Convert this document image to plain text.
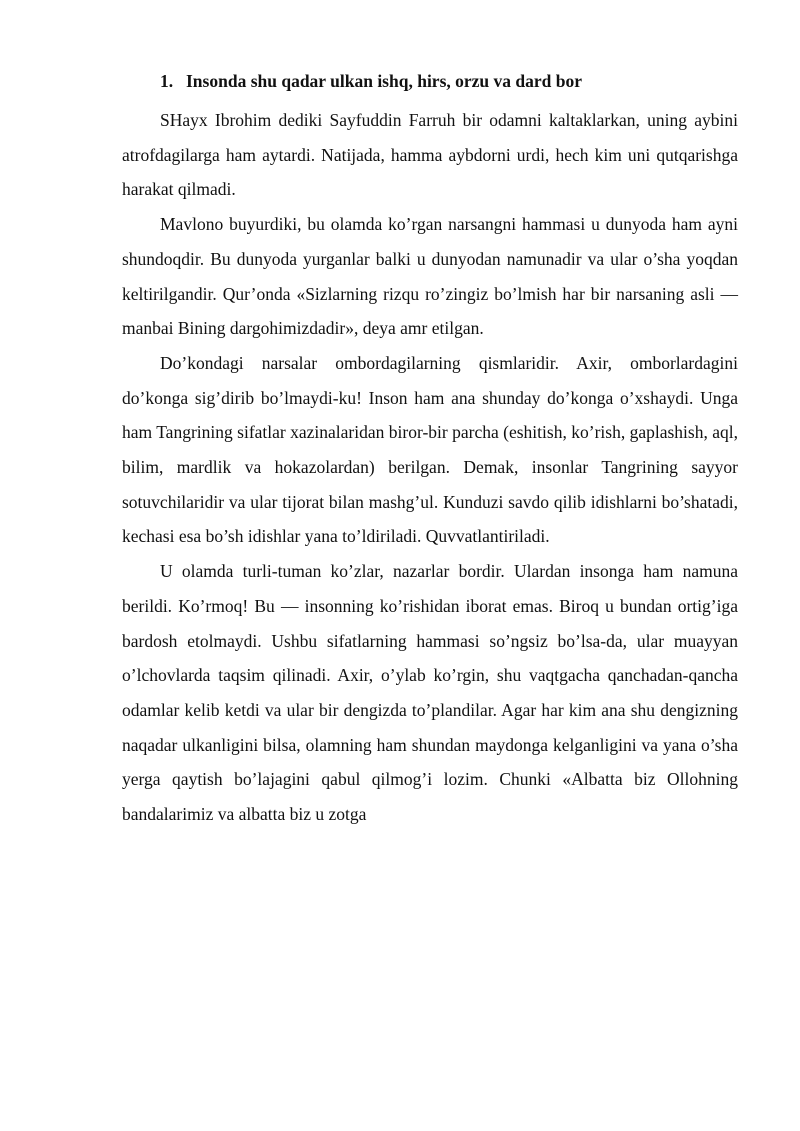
1. Insonda shu qadar ulkan ishq, hirs, orzu va dard bor

SHayx Ibrohim dediki Sayfuddin Farruh bir odamni kaltaklarkan, uning aybini atrofdagilarga ham aytardi. Natijada, hamma aybdorni urdi, hech kim uni qutqarishga harakat qilmadi.

Mavlono buyurdiki, bu olamda ko’rgan narsangni hammasi u dunyoda ham ayni shundoqdir. Bu dunyoda yurganlar balki u dunyodan namunadir va ular o’sha yoqdan keltirilgandir. Qur’onda «Sizlarning rizqu ro’zingiz bo’lmish har bir narsaning asli — manbai Bining dargohimizdadir», deya amr etilgan.

Do’kondagi narsalar ombordagilarning qismlaridir. Axir, omborlardagini do’konga sig’dirib bo’lmaydi-ku! Inson ham ana shunday do’konga o’xshaydi. Unga ham Tangrining sifatlar xazinalaridan biror-bir parcha (eshitish, ko’rish, gaplashish, aql, bilim, mardlik va hokazolardan) berilgan. Demak, insonlar Tangrining sayyor sotuvchilaridir va ular tijorat bilan mashg’ul. Kunduzi savdo qilib idishlarni bo’shatadi, kechasi esa bo’sh idishlar yana to’ldiriladi. Quvvatlantiriladi.

U olamda turli-tuman ko’zlar, nazarlar bordir. Ulardan insonga ham namuna berildi. Ko’rmoq! Bu — insonning ko’rishidan iborat emas. Biroq u bundan ortig’iga bardosh etolmaydi. Ushbu sifatlarning hammasi so’ngsiz bo’lsa-da, ular muayyan o’lchovlarda taqsim qilinadi. Axir, o’ylab ko’rgin, shu vaqtgacha qanchadan-qancha odamlar kelib ketdi va ular bir dengizda to’plandilar. Agar har kim ana shu dengizning naqadar ulkanligini bilsa, olamning ham shundan maydonga kelganligini va yana o’sha yerga qaytish bo’lajagini qabul qilmog’i lozim. Chunki «Albatta biz Ollohning bandalarimiz va albatta biz u zotga
